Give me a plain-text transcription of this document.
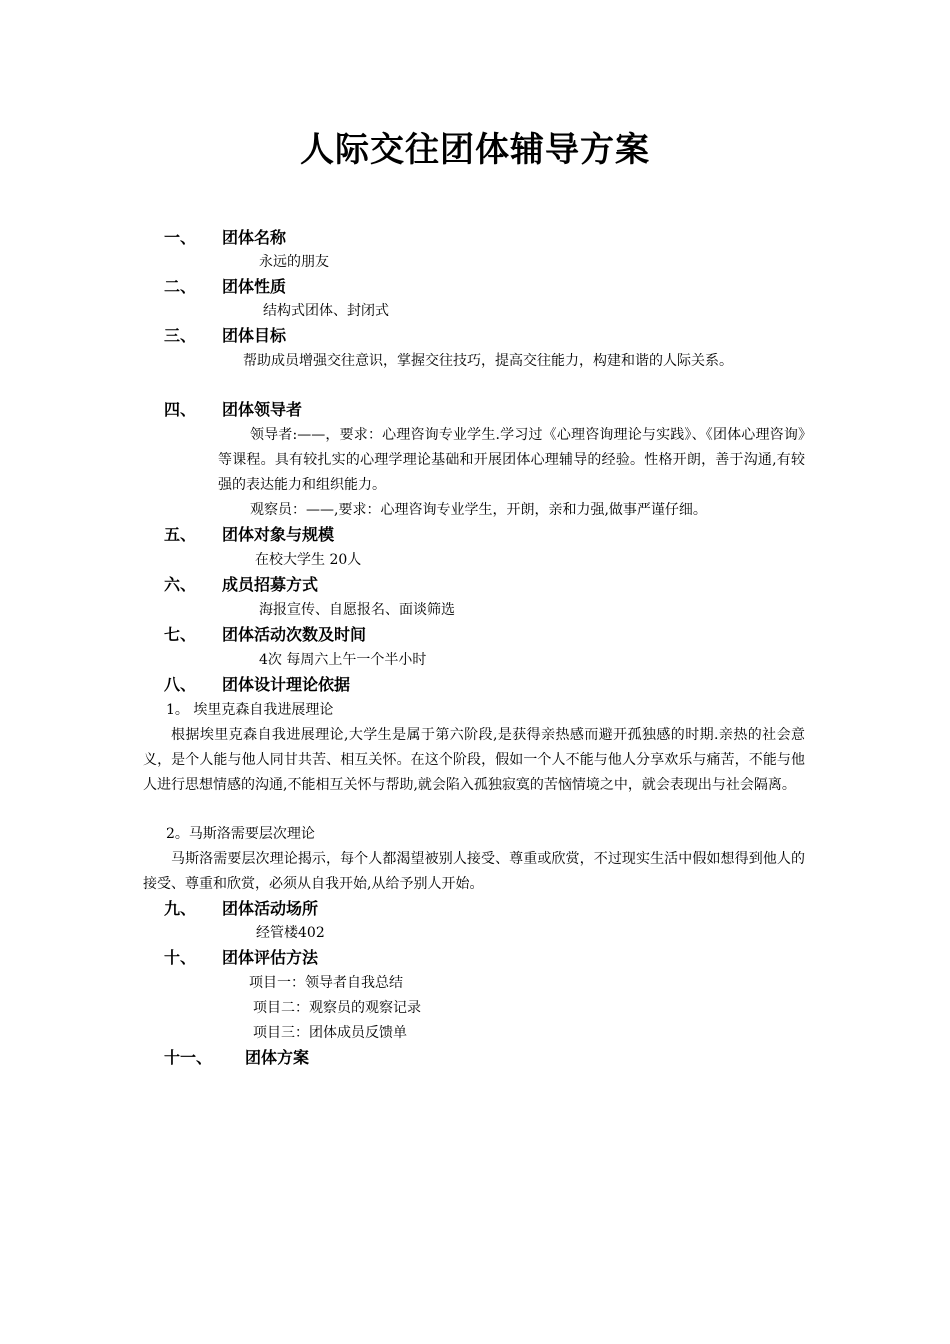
人际交往团体辅导方案
一、 团体名称
永远的朋友
二、 团体性质
结构式团体、封闭式
三、 团体目标
帮助成员增强交往意识，掌握交往技巧，提高交往能力，构建和谐的人际关系。
四、 团体领导者
领导者:——，要求：心理咨询专业学生.学习过《心理咨询理论与实践》、《团体心理咨询》等课程。具有较扎实的心理学理论基础和开展团体心理辅导的经验。性格开朗，善于沟通,有较强的表达能力和组织能力。
观察员：——,要求：心理咨询专业学生，开朗，亲和力强,做事严谨仔细。
五、 团体对象与规模
在校大学生 20人
六、 成员招募方式
海报宣传、自愿报名、面谈筛选
七、 团体活动次数及时间
4次 每周六上午一个半小时
八、 团体设计理论依据
1。 埃里克森自我进展理论
根据埃里克森自我进展理论,大学生是属于第六阶段,是获得亲热感而避开孤独感的时期.亲热的社会意义，是个人能与他人同甘共苦、相互关怀。在这个阶段，假如一个人不能与他人分享欢乐与痛苦，不能与他人进行思想情感的沟通,不能相互关怀与帮助,就会陷入孤独寂寞的苦恼情境之中，就会表现出与社会隔离。
2。马斯洛需要层次理论
马斯洛需要层次理论揭示，每个人都渴望被别人接受、尊重或欣赏，不过现实生活中假如想得到他人的接受、尊重和欣赏，必须从自我开始,从给予别人开始。
九、 团体活动场所
经管楼402
十、 团体评估方法
项目一：领导者自我总结
项目二：观察员的观察记录
项目三：团体成员反馈单
十一、 团体方案
